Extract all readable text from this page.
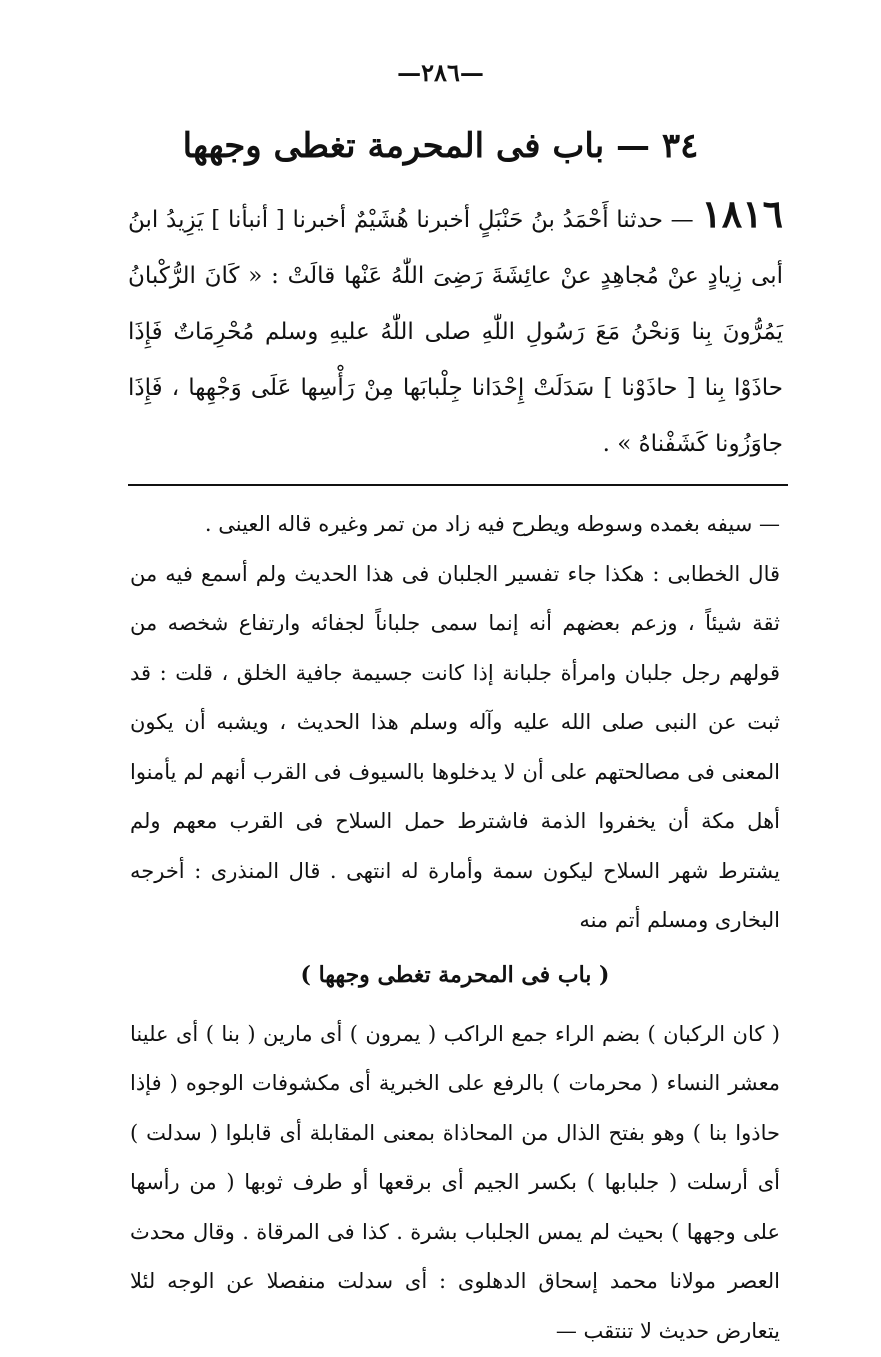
—٢٨٦—
٣٤ — باب فى المحرمة تغطى وجهها
١٨١٦ — حدثنا أَحْمَدُ بنُ حَنْبَلٍ أخبرنا هُشَيْمٌ أخبرنا [ أنبأنا ] يَزِيدُ ابنُ أبى زِيادٍ عنْ مُجاهِدٍ عنْ عائِشَةَ رَضِىَ اللّٰهُ عَنْها قالَتْ : « كَانَ الرُّكْبانُ يَمُرُّونَ بِنا وَنحْنُ مَعَ رَسُولِ اللّٰهِ صلى اللّٰهُ عليهِ وسلم مُحْرِمَاتٌ فَإِذَا حاذَوْا بِنا [ حاذَوْنا ] سَدَلَتْ إِحْدَانا جِلْبابَها مِنْ رَأْسِها عَلَى وَجْهِها ، فَإِذَا جاوَزُونا كَشَفْناهُ » .

— سيفه بغمده وسوطه ويطرح فيه زاد من تمر وغيره قاله العينى .

قال الخطابى : هكذا جاء تفسير الجلبان فى هذا الحديث ولم أسمع فيه من ثقة شيئاً ، وزعم بعضهم أنه إنما سمى جلباناً لجفائه وارتفاع شخصه من قولهم رجل جلبان وامرأة جلبانة إذا كانت جسيمة جافية الخلق ، قلت : قد ثبت عن النبى صلى الله عليه وآله وسلم هذا الحديث ، ويشبه أن يكون المعنى فى مصالحتهم على أن لا يدخلوها بالسيوف فى القرب أنهم لم يأمنوا أهل مكة أن يخفروا الذمة فاشترط حمل السلاح فى القرب معهم ولم يشترط شهر السلاح ليكون سمة وأمارة له انتهى . قال المنذرى : أخرجه البخارى ومسلم أتم منه

( باب فى المحرمة تغطى وجهها )

( كان الركبان ) بضم الراء جمع الراكب ( يمرون ) أى مارين ( بنا ) أى علينا معشر النساء ( محرمات ) بالرفع على الخبرية أى مكشوفات الوجوه ( فإذا حاذوا بنا ) وهو بفتح الذال من المحاذاة بمعنى المقابلة أى قابلوا ( سدلت ) أى أرسلت ( جلبابها ) بكسر الجيم أى برقعها أو طرف ثوبها ( من رأسها على وجهها ) بحيث لم يمس الجلباب بشرة . كذا فى المرقاة . وقال محدث العصر مولانا محمد إسحاق الدهلوى : أى سدلت منفصلا عن الوجه لئلا يتعارض حديث لا تنتقب —
